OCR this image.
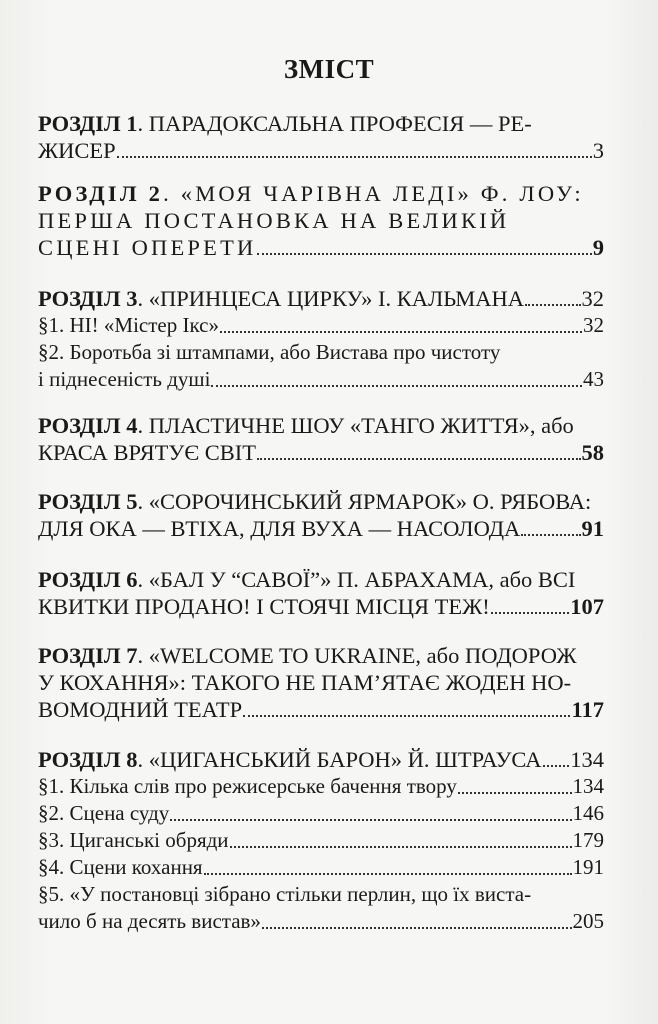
ЗМІСТ
РОЗДІЛ 1. ПАРАДОКСАЛЬНА ПРОФЕСІЯ — РЕ-
ЖИСЕР	3
РОЗДІЛ 2. «МОЯ ЧАРІВНА ЛЕДІ» Ф. ЛОУ:
ПЕРША ПОСТАНОВКА НА ВЕЛИКІЙ
СЦЕНІ ОПЕРЕТИ	9
РОЗДІЛ 3. «ПРИНЦЕСА ЦИРКУ» І. КАЛЬМАНА	32
§1. НІ! «Містер Ікс»	32
§2. Боротьба зі штампами, або Вистава про чистоту
і піднесеність душі	43
РОЗДІЛ 4. ПЛАСТИЧНЕ ШОУ «ТАНГО ЖИТТЯ», або
КРАСА ВРЯТУЄ СВІТ	58
РОЗДІЛ 5. «СОРОЧИНСЬКИЙ ЯРМАРОК» О. РЯБОВА:
ДЛЯ ОКА — ВТІХА, ДЛЯ ВУХА — НАСОЛОДА	91
РОЗДІЛ 6. «БАЛ У “САВОЇ”» П. АБРАХАМА, або ВСІ
КВИТКИ ПРОДАНО! І СТОЯЧІ МІСЦЯ ТЕЖ!	107
РОЗДІЛ 7. «WELCOME TO UKRAINE, або ПОДОРОЖ
У КОХАННЯ»: ТАКОГО НЕ ПАМ’ЯТАЄ ЖОДЕН НО-
ВОМОДНИЙ ТЕАТР	117
РОЗДІЛ 8. «ЦИГАНСЬКИЙ БАРОН» Й. ШТРАУСА 134
§1. Кілька слів про режисерське бачення твору	134
§2. Сцена суду	146
§3. Циганські обряди	179
§4. Сцени кохання	191
§5. «У постановці зібрано стільки перлин, що їх виста-
чило б на десять вистав»	205
